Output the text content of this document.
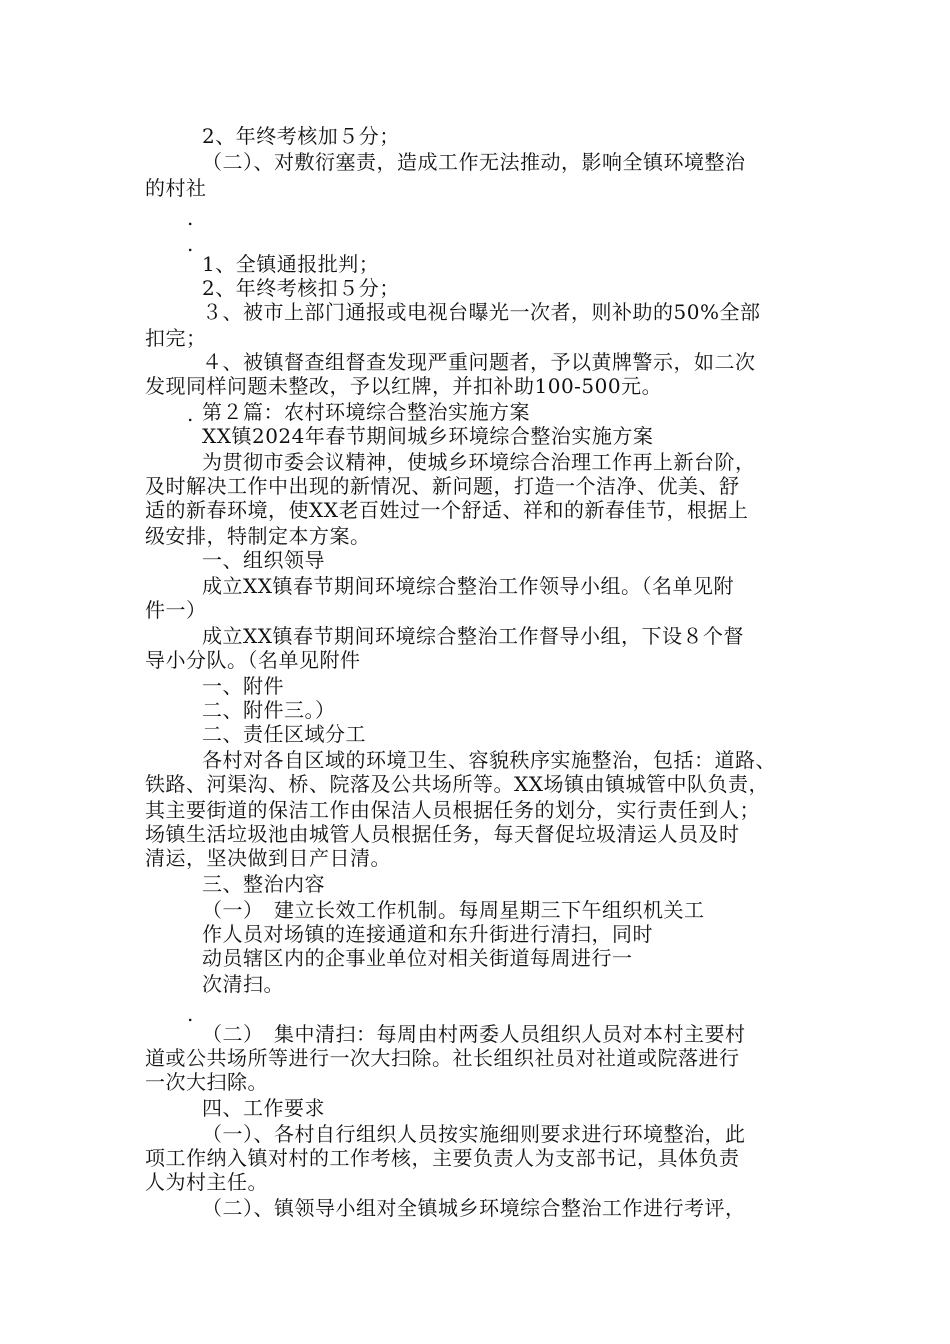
2、年终考核加５分；
（二）、对敷衍塞责，造成工作无法推动，影响全镇环境整治
的村社
.
.
1、全镇通报批判；
2、年终考核扣５分；
３、被市上部门通报或电视台曝光一次者，则补助的50%全部
扣完；
４、被镇督查组督查发现严重问题者，予以黄牌警示，如二次
发现同样问题未整改，予以红牌，并扣补助100-500元。
. 第２篇：农村环境综合整治实施方案
XX镇2024年春节期间城乡环境综合整治实施方案
为贯彻市委会议精神，使城乡环境综合治理工作再上新台阶，
及时解决工作中出现的新情况、新问题，打造一个洁净、优美、舒
适的新春环境，使XX老百姓过一个舒适、祥和的新春佳节，根据上
级安排，特制定本方案。
一、组织领导
成立XX镇春节期间环境综合整治工作领导小组。（名单见附
件一）
成立XX镇春节期间环境综合整治工作督导小组，下设８个督
导小分队。（名单见附件
一、附件
二、附件三。）
二、责任区域分工
各村对各自区域的环境卫生、容貌秩序实施整治，包括：道路、
铁路、河渠沟、桥、院落及公共场所等。XX场镇由镇城管中队负责，
其主要街道的保洁工作由保洁人员根据任务的划分，实行责任到人；
场镇生活垃圾池由城管人员根据任务，每天督促垃圾清运人员及时
清运，坚决做到日产日清。
三、整治内容
（一）　建立长效工作机制。每周星期三下午组织机关工
作人员对场镇的连接通道和东升街进行清扫，同时
动员辖区内的企事业单位对相关街道每周进行一
次清扫。
.
（二）　集中清扫：每周由村两委人员组织人员对本村主要村
道或公共场所等进行一次大扫除。社长组织社员对社道或院落进行
一次大扫除。
四、工作要求
（一）、各村自行组织人员按实施细则要求进行环境整治，此
项工作纳入镇对村的工作考核，主要负责人为支部书记，具体负责
人为村主任。
（二）、镇领导小组对全镇城乡环境综合整治工作进行考评，
